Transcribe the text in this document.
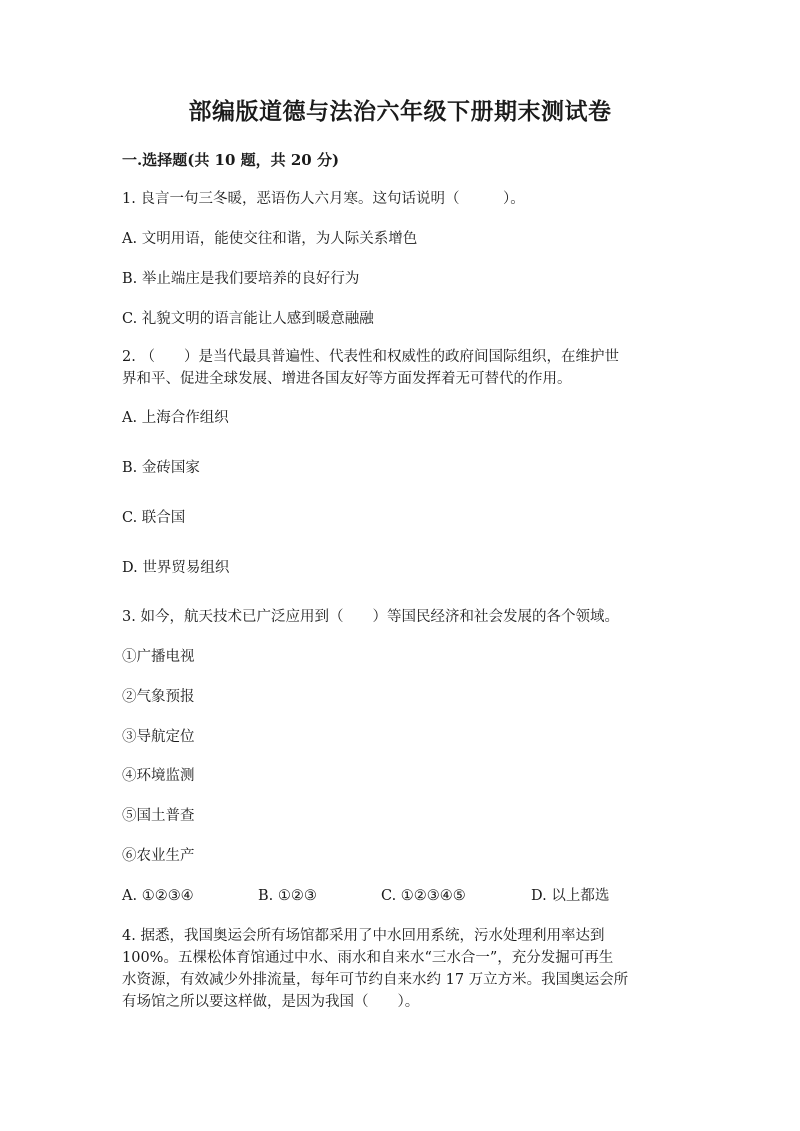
部编版道德与法治六年级下册期末测试卷
一.选择题(共 10 题，共 20 分)
1. 良言一句三冬暖，恶语伤人六月寒。这句话说明（　　　）。
A. 文明用语，能使交往和谐，为人际关系增色
B. 举止端庄是我们要培养的良好行为
C. 礼貌文明的语言能让人感到暖意融融
2. （　　）是当代最具普遍性、代表性和权威性的政府间国际组织，在维护世
界和平、促进全球发展、增进各国友好等方面发挥着无可替代的作用。
A. 上海合作组织
B. 金砖国家
C. 联合国
D. 世界贸易组织
3. 如今，航天技术已广泛应用到（　　）等国民经济和社会发展的各个领域。
①广播电视
②气象预报
③导航定位
④环境监测
⑤国土普查
⑥农业生产
A. ①②③④	B. ①②③	C. ①②③④⑤	D. 以上都选
4. 据悉，我国奥运会所有场馆都采用了中水回用系统，污水处理利用率达到
100%。五棵松体育馆通过中水、雨水和自来水“三水合一”，充分发掘可再生
水资源，有效减少外排流量，每年可节约自来水约 17 万立方米。我国奥运会所
有场馆之所以要这样做，是因为我国（　　）。
